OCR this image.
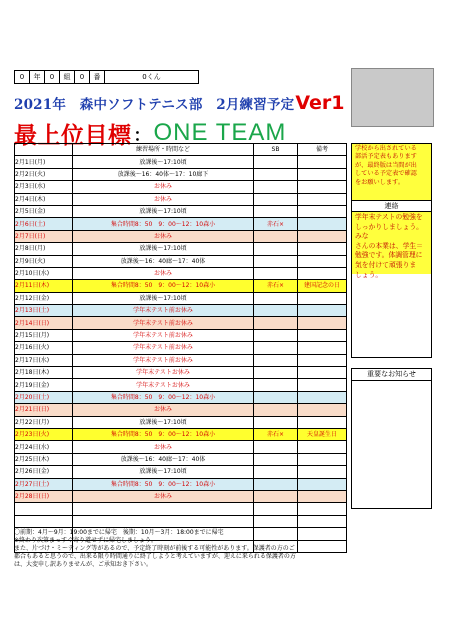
0	年	0	組	0	番	0くん
2021年　森中ソフトテニス部　2月練習予定 Ver1
最上位目標 ： ONE TEAM
	練習場所・時間など	SB	備考
2月1日(月)	放課後～17:10頃		
2月2日(火)	放課後～16：40体～17：10廊下		
2月3日(水)	お休み		
2月4日(木)	お休み		
2月5日(金)	放課後～17:10頃		
2月6日(土)	集合時間8：50　9：00～12：10森小	赤石×	
2月7日(日)	お休み		
2月8日(月)	放課後～17:10頃		
2月9日(火)	放課後～16：40廊～17：40体		
2月10日(水)	お休み		
2月11日(木)	集合時間8：50　9：00～12：10森小	赤石×	建国記念の日
2月12日(金)	放課後～17:10頃		
2月13日(土)	学年末テスト前お休み		
2月14日(日)	学年末テスト前お休み		
2月15日(月)	学年末テスト前お休み		
2月16日(火)	学年末テスト前お休み		
2月17日(水)	学年末テスト前お休み		
2月18日(木)	学年末テストお休み		
2月19日(金)	学年末テストお休み		
2月20日(土)	集合時間8：50　9：00～12：10森小		
2月21日(日)	お休み		
2月22日(月)	放課後～17:10頃		
2月23日(火)	集合時間8：50　9：00～12：10森小	赤石×	天皇誕生日
2月24日(水)	お休み		
2月25日(木)	放課後～16：40廊～17：40体		
2月26日(金)	放課後～17:10頃		
2月27日(土)	集合時間8：50　9：00～12：10森小		
2月28日(日)	お休み		

学校から出されている
部活予定表もありますが、最終版は当間が出
している予定表で確認
をお願いします。
連絡
学年末テストの勉強を
しっかりしましょう。みな
さんの本業は、学生＝
勉強です。体調管理に
気を付けて頑張りま
しょう。
重要なお知らせ
〇前期：4月～9月：19:00までに帰宅　後期：10月～3月：18:00までに帰宅
※終わり次第まっすぐ寄り道せずに帰宅しましょう。
また、片づけ・ミーティング等があるので、予定終了時刻が前後する可能性があります。保護者の方のご
都合もあると思うので、出来る限り時間通りに終了しようと考えていますが、迎えに来られる保護者の方
は、大変申し訳ありませんが、ご承知おき下さい。
